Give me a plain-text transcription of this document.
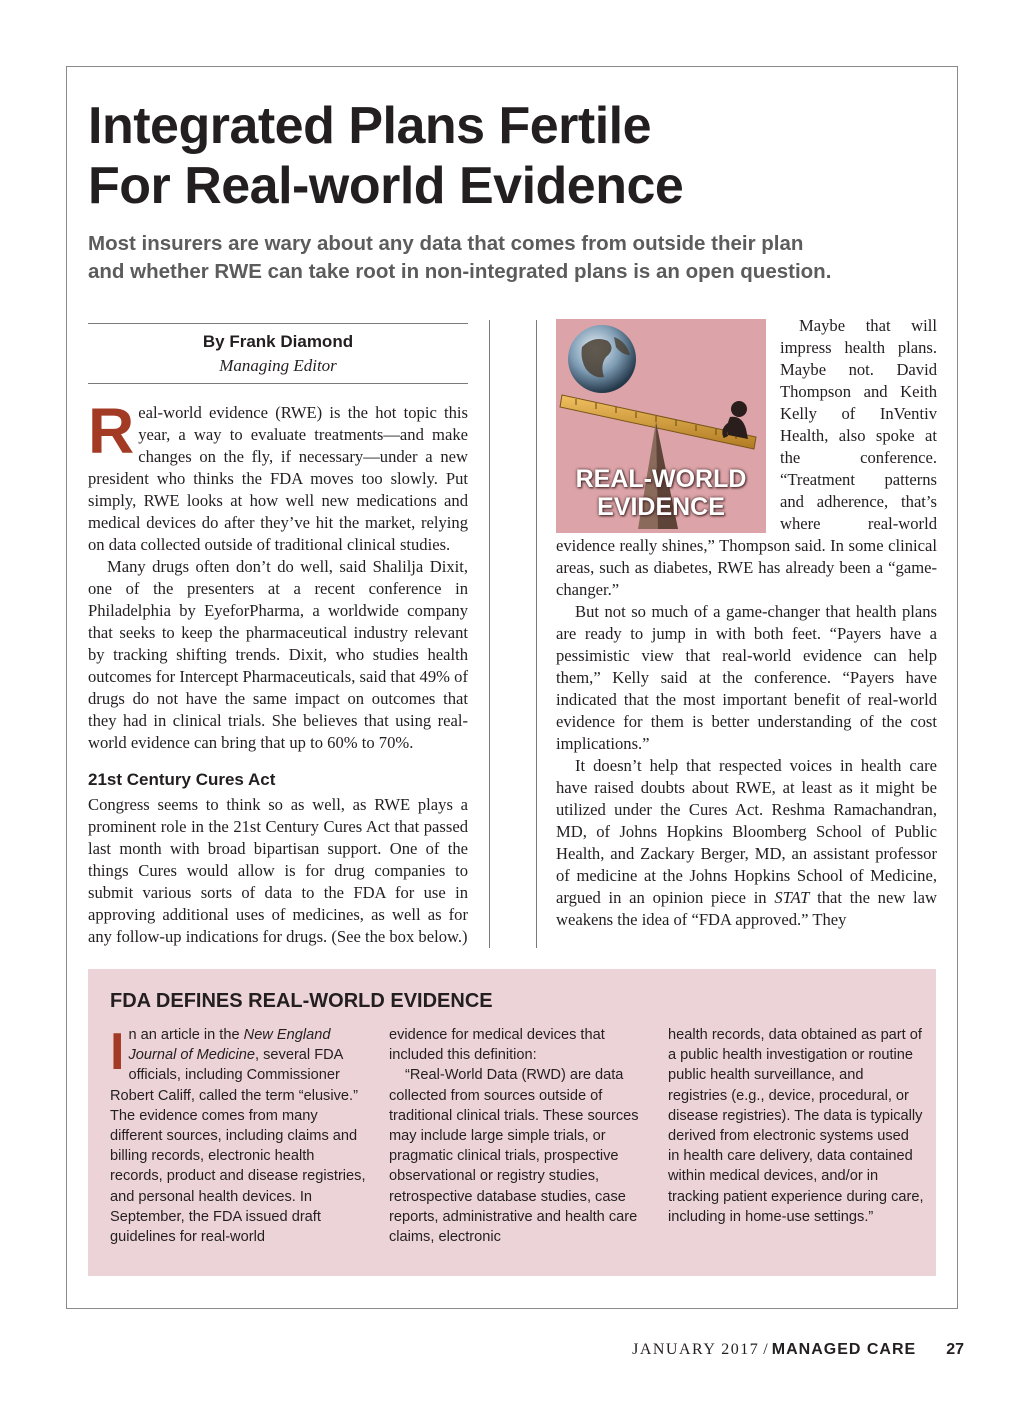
Integrated Plans Fertile
For Real-world Evidence
Most insurers are wary about any data that comes from outside their plan
and whether RWE can take root in non-integrated plans is an open question.
By Frank Diamond
Managing Editor

Real-world evidence (RWE) is the hot topic this year, a way to evaluate treatments—and make changes on the fly, if necessary—under a new president who thinks the FDA moves too slowly. Put simply, RWE looks at how well new medications and medical devices do after they’ve hit the market, relying on data collected outside of traditional clinical studies.

Many drugs often don’t do well, said Shalilja Dixit, one of the presenters at a recent conference in Philadelphia by EyeforPharma, a worldwide company that seeks to keep the pharmaceutical industry relevant by tracking shifting trends. Dixit, who studies health outcomes for Intercept Pharmaceuticals, said that 49% of drugs do not have the same impact on outcomes that they had in clinical trials. She believes that using real-world evidence can bring that up to 60% to 70%.

21st Century Cures Act

Congress seems to think so as well, as RWE plays a prominent role in the 21st Century Cures Act that passed last month with broad bipartisan support. One of the things Cures would allow is for drug companies to submit various sorts of data to the FDA for use in approving additional uses of medicines, as well as for any follow-up indications for drugs. (See the box below.)

REAL-WORLD
EVIDENCE

Maybe that will impress health plans. Maybe not. David Thompson and Keith Kelly of InVentiv Health, also spoke at the conference. “Treatment patterns and adherence, that’s where real-world evidence really shines,” Thompson said. In some clinical areas, such as diabetes, RWE has already been a “game-changer.”

But not so much of a game-changer that health plans are ready to jump in with both feet. “Payers have a pessimistic view that real-world evidence can help them,” Kelly said at the conference. “Payers have indicated that the most important benefit of real-world evidence for them is better understanding of the cost implications.”

It doesn’t help that respected voices in health care have raised doubts about RWE, at least as it might be utilized under the Cures Act. Reshma Ramachandran, MD, of Johns Hopkins Bloomberg School of Public Health, and Zackary Berger, MD, an assistant professor of medicine at the Johns Hopkins School of Medicine, argued in an opinion piece in STAT that the new law weakens the idea of “FDA approved.” They

FDA DEFINES REAL-WORLD EVIDENCE

In an article in the New England Journal of Medicine, several FDA officials, including Commissioner Robert Califf, called the term “elusive.” The evidence comes from many different sources, including claims and billing records, electronic health records, product and disease registries, and personal health devices. In September, the FDA issued draft guidelines for real-world

evidence for medical devices that included this definition:

“Real-World Data (RWD) are data collected from sources outside of traditional clinical trials. These sources may include large simple trials, or pragmatic clinical trials, prospective observational or registry studies, retrospective database studies, case reports, administrative and health care claims, electronic

health records, data obtained as part of a public health investigation or routine public health surveillance, and registries (e.g., device, procedural, or disease registries). The data is typically derived from electronic systems used in health care delivery, data contained within medical devices, and/or in tracking patient experience during care, including in home-use settings.”

JANUARY 2017 / MANAGED CARE 27
